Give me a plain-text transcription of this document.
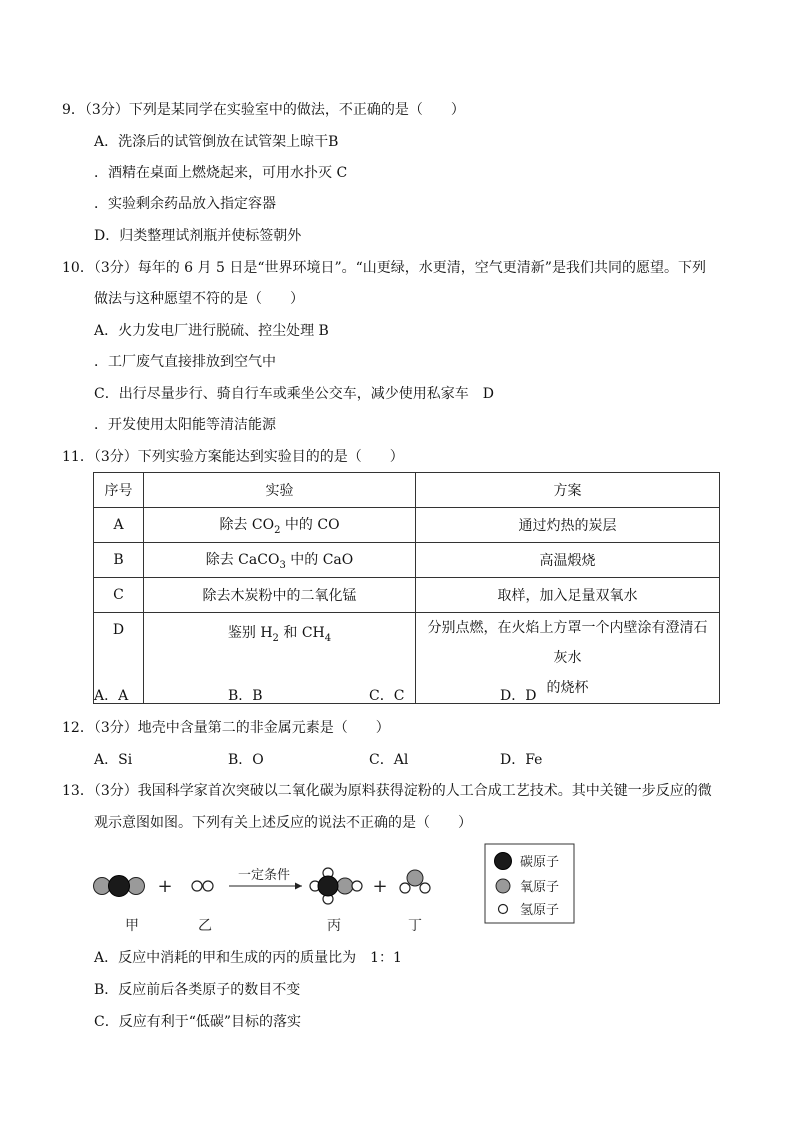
9．（3分）下列是某同学在实验室中的做法，不正确的是（　　）
A．洗涤后的试管倒放在试管架上晾干B
．酒精在桌面上燃烧起来，可用水扑灭 C
．实验剩余药品放入指定容器
D．归类整理试剂瓶并使标签朝外
10．（3分）每年的 6 月 5 日是“世界环境日”。“山更绿，水更清，空气更清新”是我们共同的愿望。下列
做法与这种愿望不符的是（　　）
A．火力发电厂进行脱硫、控尘处理 B
．工厂废气直接排放到空气中
C．出行尽量步行、骑自行车或乘坐公交车，减少使用私家车　D
．开发使用太阳能等清洁能源
11．（3分）下列实验方案能达到实验目的的是（　　）
序号	实验	方案
A	除去 $CO_2$ 中的 CO	通过灼热的炭层
B	除去 CaCO$_3$ 中的 CaO	高温煅烧
C	除去木炭粉中的二氧化锰	取样，加入足量双氧水
D	鉴别 $H_2$ 和 $CH_4$	分别点燃，在火焰上方罩一个内壁涂有澄清石灰水
的烧杯
A．A	B．B	C．C	D．D
12．（3分）地壳中含量第二的非金属元素是（　　）
A．Si	B．O	C．Al	D．Fe
13．（3分）我国科学家首次突破以二氧化碳为原料获得淀粉的人工合成工艺技术。其中关键一步反应的微
观示意图如图。下列有关上述反应的说法不正确的是（　　）
+
一定条件
+
甲	乙	丙	丁
碳原子
氧原子
氢原子
A．反应中消耗的甲和生成的丙的质量比为　1：1
B．反应前后各类原子的数目不变
C．反应有利于“低碳”目标的落实
